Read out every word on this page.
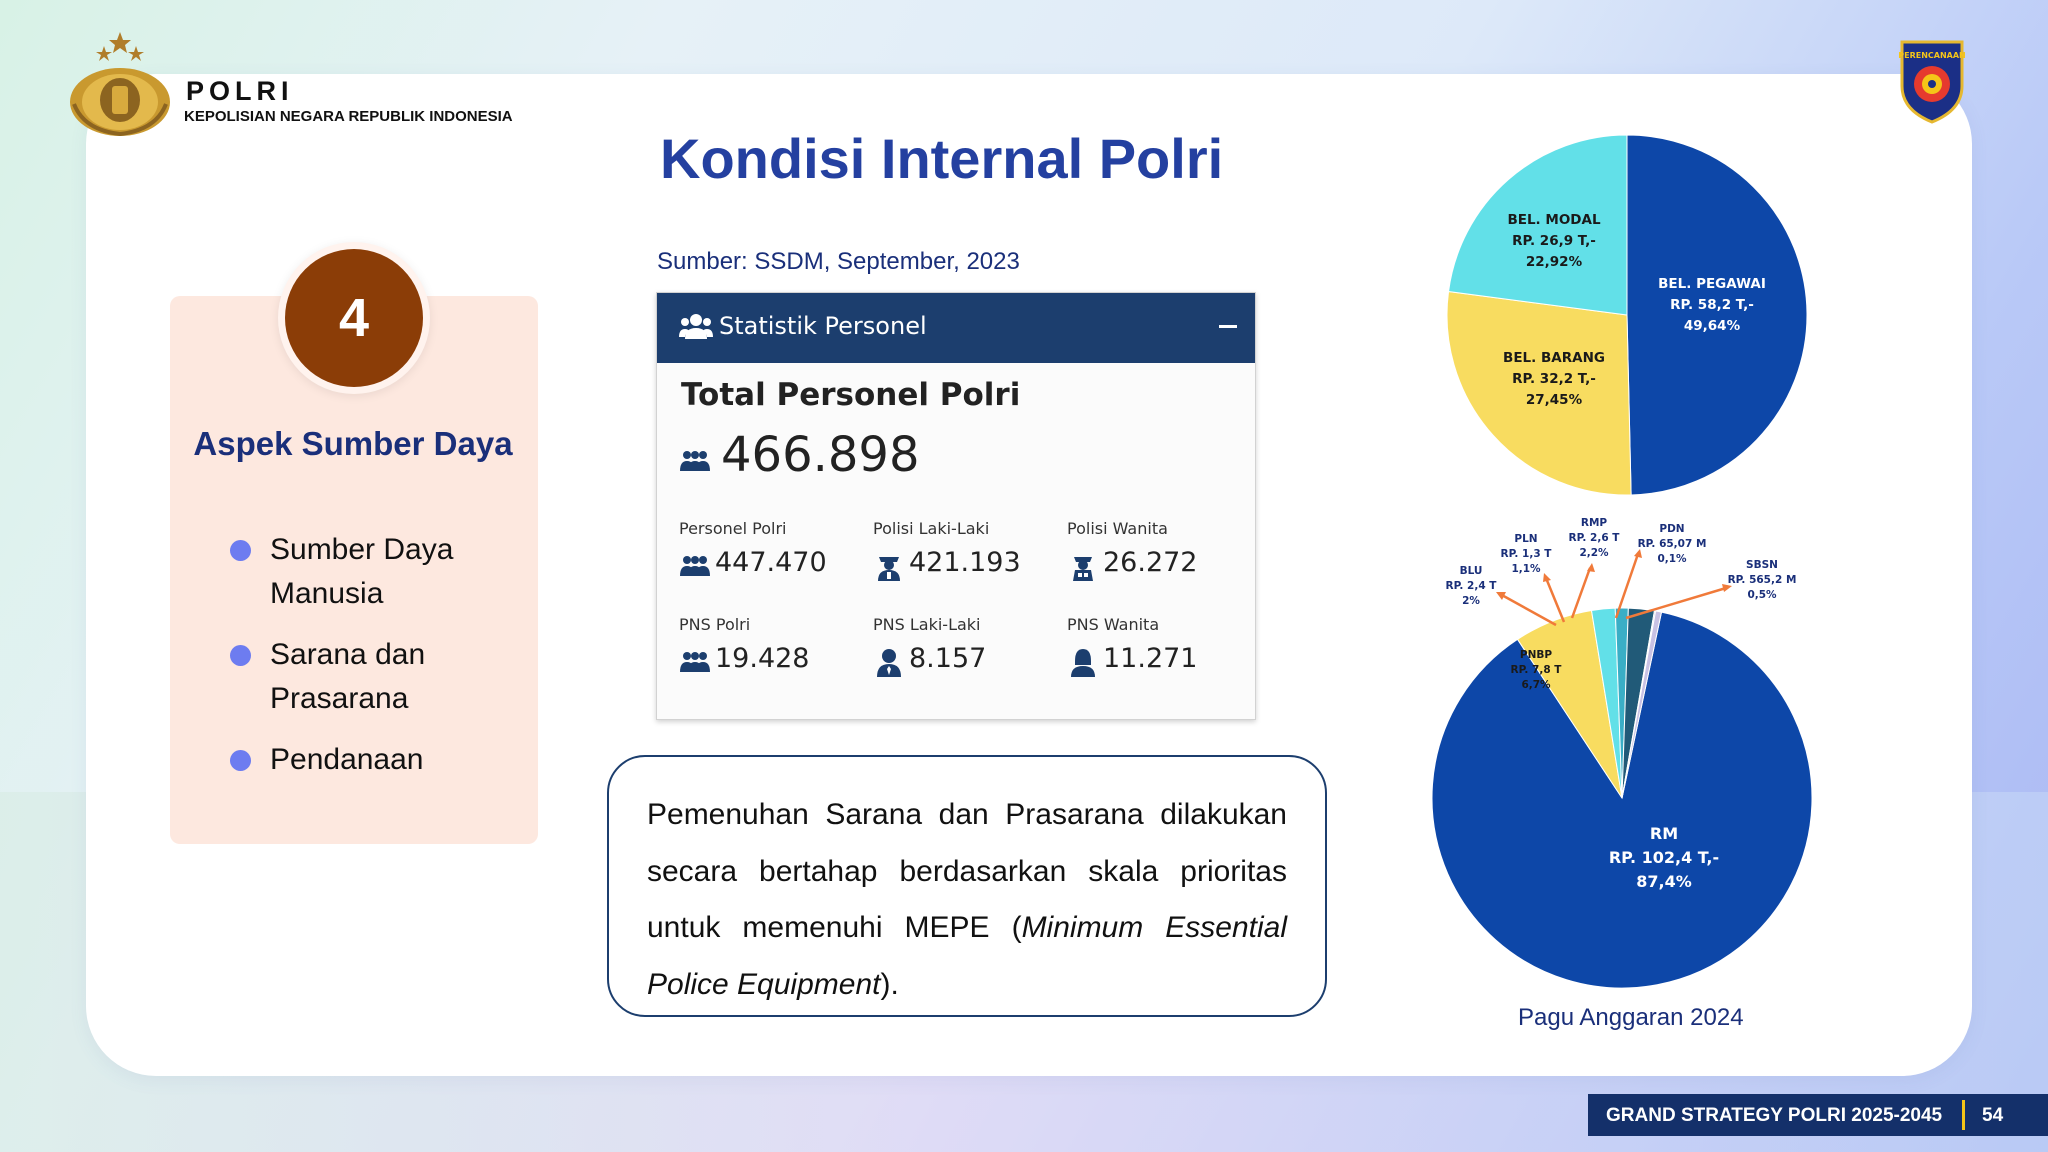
POLRI
KEPOLISIAN NEGARA REPUBLIK INDONESIA
PERENCANAAN
Kondisi Internal Polri
4
Aspek Sumber Daya
Sumber Daya Manusia
Sarana dan Prasarana
Pendanaan
Sumber: SSDM, September, 2023
Statistik Personel
Total Personel Polri
466.898
Personel Polri
447.470
Polisi Laki-Laki
421.193
Polisi Wanita
26.272
PNS Polri
19.428
PNS Laki-Laki
8.157
PNS Wanita
11.271

Pemenuhan Sarana dan Prasarana dilakukan secara bertahap berdasarkan skala prioritas untuk memenuhi MEPE (Minimum Essential Police Equipment).

BEL. MODAL
RP. 26,9 T,-
22,92%
BEL. PEGAWAI
RP. 58,2 T,-
49,64%
BEL. BARANG
RP. 32,2 T,-
27,45%
BLU
RP. 2,4 T
2%
PLN
RP. 1,3 T
1,1%
RMP
RP. 2,6 T
2,2%
PDN
RP. 65,07 M
0,1%	SBSN
RP. 565,2 M
0,5%
PNBP
RP. 7,8 T
6,7%
RM
RP. 102,4 T,-
87,4%
Pagu Anggaran 2024
GRAND STRATEGY POLRI 2025-2045 54
